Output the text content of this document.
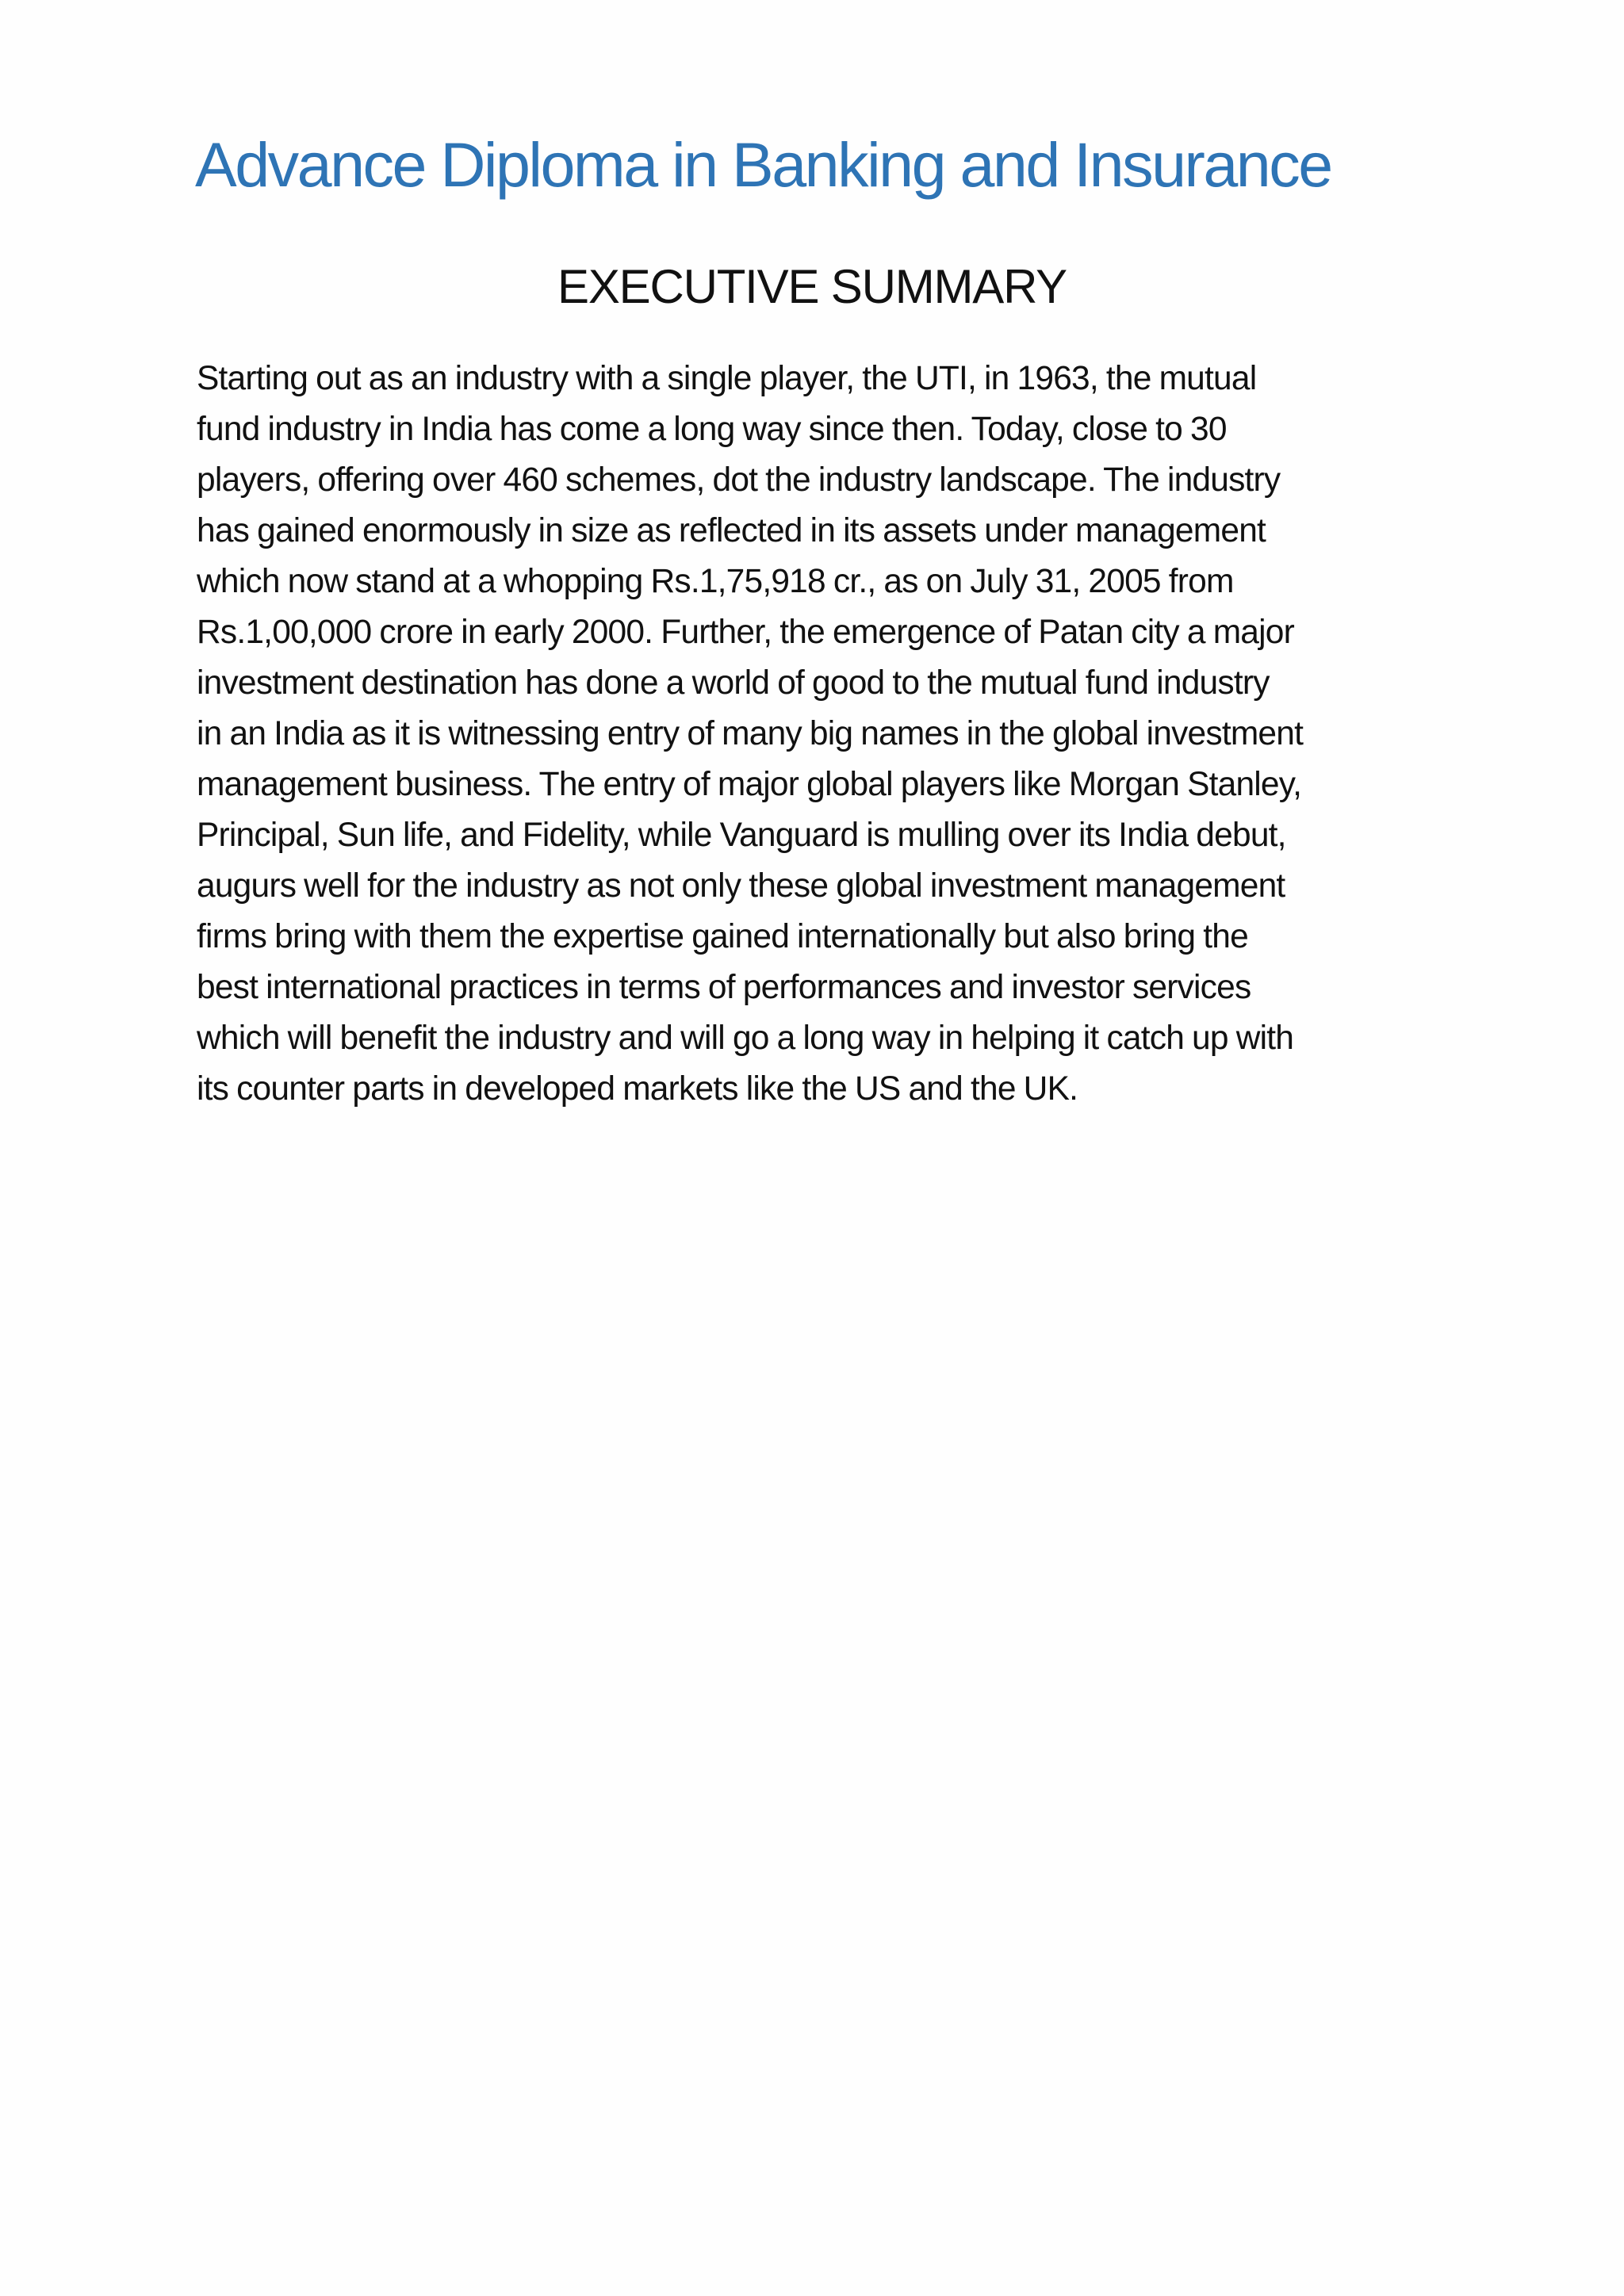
Advance Diploma in Banking and Insurance
EXECUTIVE SUMMARY

Starting out as an industry with a single player, the UTI, in 1963, the mutual
fund industry in India has come a long way since then. Today, close to 30
players, offering over 460 schemes, dot the industry landscape. The industry
has gained enormously in size as reflected in its assets under management
which now stand at a whopping Rs.1,75,918 cr., as on July 31, 2005 from
Rs.1,00,000 crore in early 2000. Further, the emergence of Patan city a major
investment destination has done a world of good to the mutual fund industry
in an India as it is witnessing entry of many big names in the global investment
management business. The entry of major global players like Morgan Stanley,
Principal, Sun life, and Fidelity, while Vanguard is mulling over its India debut,
augurs well for the industry as not only these global investment management
firms bring with them the expertise gained internationally but also bring the
best international practices in terms of performances and investor services
which will benefit the industry and will go a long way in helping it catch up with
its counter parts in developed markets like the US and the UK.
